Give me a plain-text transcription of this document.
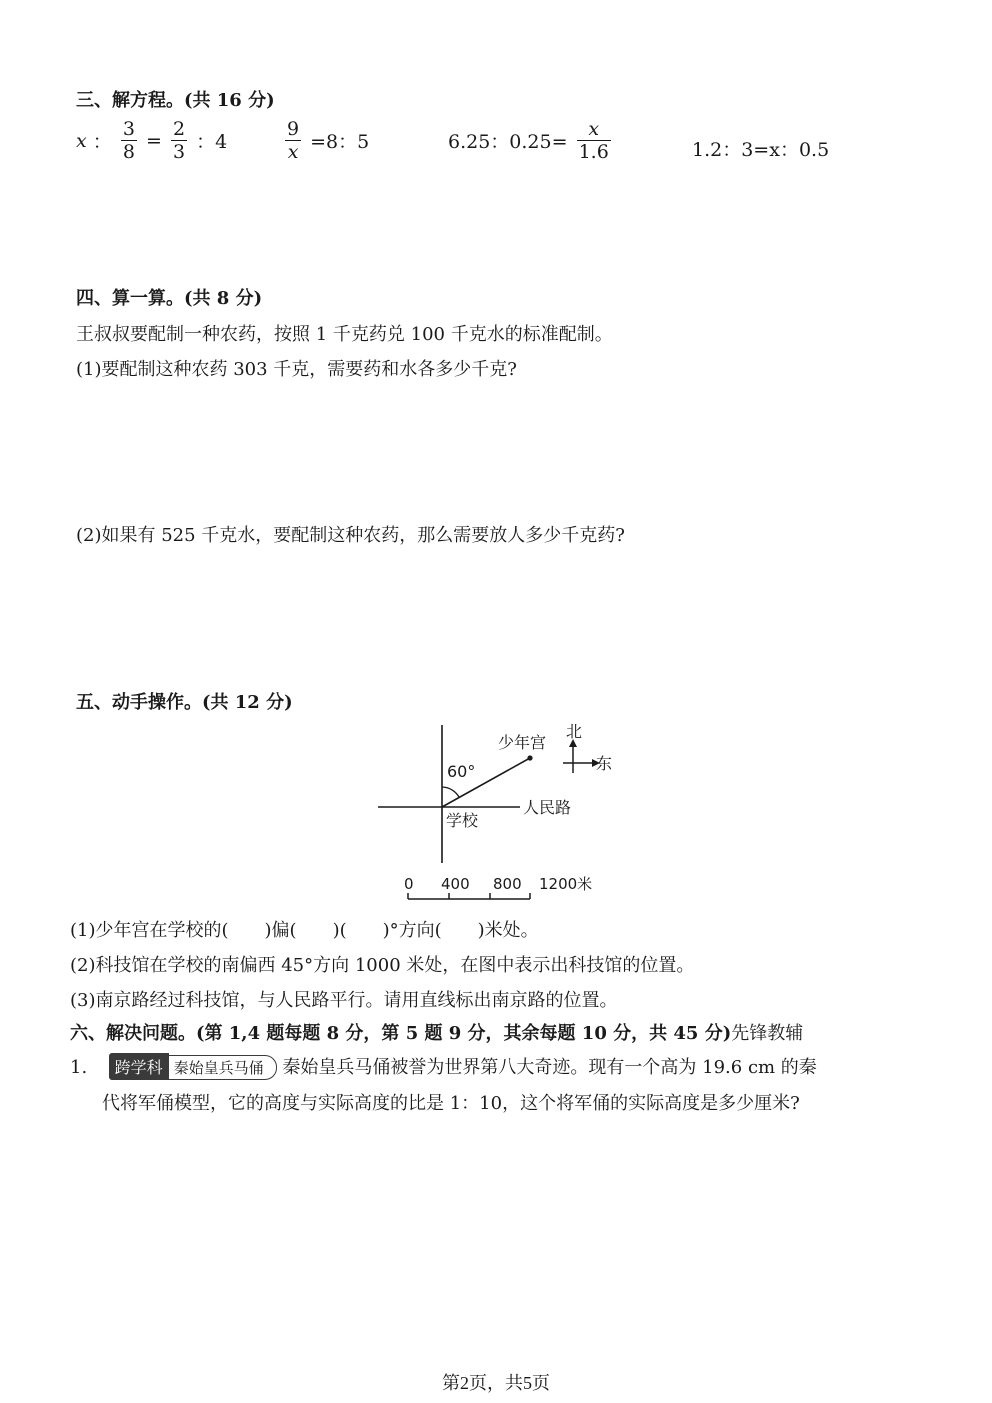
三、解方程。(共 16 分)
x ： $\frac{3}{8} = \frac{2}{3}$ ：4	$\frac{9}{x} =8$：5	6.25：$0.25= \frac{x}{1.6}$	1.2：3=x：0.5
四、算一算。(共 8 分)
王叔叔要配制一种农药，按照 1 千克药兑 100 千克水的标准配制。
(1)要配制这种农药 303 千克，需要药和水各多少千克?
(2)如果有 525 千克水，要配制这种农药，那么需要放人多少千克药?
五、动手操作。(共 12 分)
60°
少年宫
人民路
学校
北
东
0 400 800 1200米
(1)少年宫在学校的(　　)偏(　　)(　　)°方向(　　)米处。
(2)科技馆在学校的南偏西 45°方向 1000 米处，在图中表示出科技馆的位置。
(3)南京路经过科技馆，与人民路平行。请用直线标出南京路的位置。
六、解决问题。(第 1,4 题每题 8 分，第 5 题 9 分，其余每题 10 分，共 45 分)先锋教辅
1. 跨学科 秦始皇兵马俑 秦始皇兵马俑被誉为世界第八大奇迹。现有一个高为 19.6 cm 的秦
代将军俑模型，它的高度与实际高度的比是 1：10，这个将军俑的实际高度是多少厘米?
第2页，共5页
